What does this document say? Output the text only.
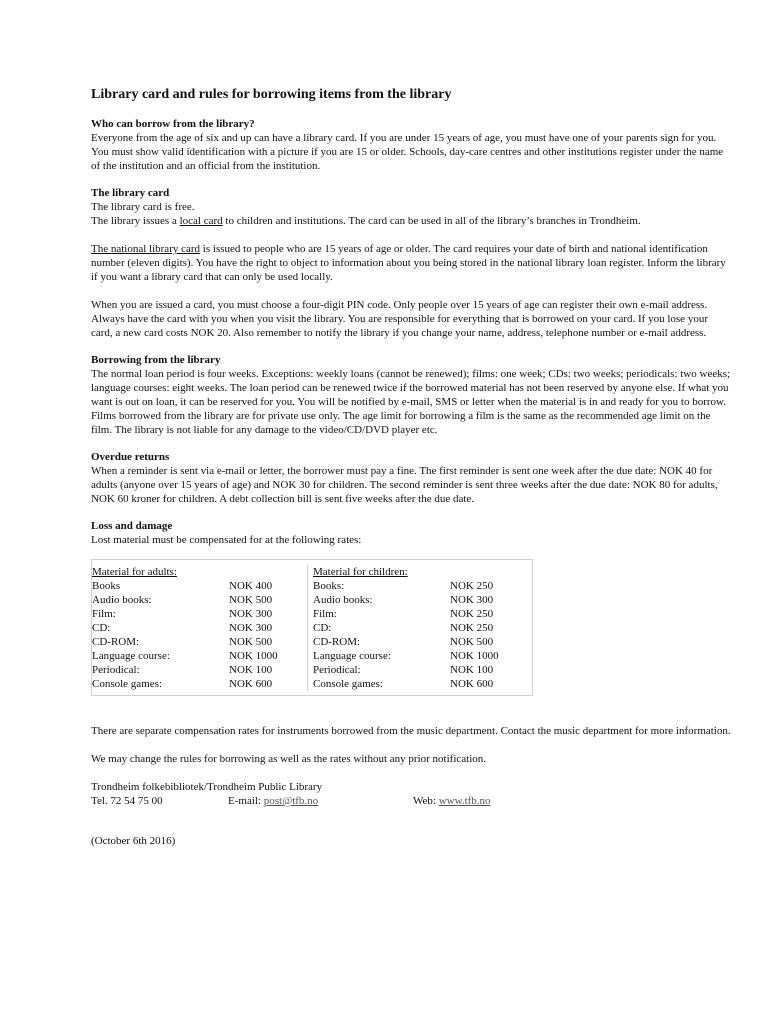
Library card and rules for borrowing items from the library
Who can borrow from the library?

Everyone from the age of six and up can have a library card. If you are under 15 years of age, you must have one of your parents sign for you. You must show valid identification with a picture if you are 15 or older. Schools, day-care centres and other institutions register under the name of the institution and an official from the institution.

The library card

The library card is free.

The library issues a local card to children and institutions. The card can be used in all of the library’s branches in Trondheim.

The national library card is issued to people who are 15 years of age or older. The card requires your date of birth and national identification number (eleven digits). You have the right to object to information about you being stored in the national library loan register. Inform the library if you want a library card that can only be used locally.

When you are issued a card, you must choose a four-digit PIN code. Only people over 15 years of age can register their own e-mail address. Always have the card with you when you visit the library. You are responsible for everything that is borrowed on your card. If you lose your card, a new card costs NOK 20. Also remember to notify the library if you change your name, address, telephone number or e-mail address.

Borrowing from the library

The normal loan period is four weeks. Exceptions: weekly loans (cannot be renewed); films: one week; CDs: two weeks; periodicals: two weeks; language courses: eight weeks. The loan period can be renewed twice if the borrowed material has not been reserved by anyone else. If what you want is out on loan, it can be reserved for you. You will be notified by e-mail, SMS or letter when the material is in and ready for you to borrow. Films borrowed from the library are for private use only. The age limit for borrowing a film is the same as the recommended age limit on the film. The library is not liable for any damage to the video/CD/DVD player etc.

Overdue returns

When a reminder is sent via e-mail or letter, the borrower must pay a fine. The first reminder is sent one week after the due date: NOK 40 for adults (anyone over 15 years of age) and NOK 30 for children. The second reminder is sent three weeks after the due date: NOK 80 for adults, NOK 60 kroner for children. A debt collection bill is sent five weeks after the due date.

Loss and damage

Lost material must be compensated for at the following rates:

Material for adults:
Books	NOK 400
Audio books:	NOK 500
Film:	NOK 300
CD:	NOK 300
CD-ROM:	NOK 500
Language course:	NOK 1000
Periodical:	NOK 100
Console games:	NOK 600
Material for children:
Books:	NOK 250
Audio books:	NOK 300
Film:	NOK 250
CD:	NOK 250
CD-ROM:	NOK 500
Language course:	NOK 1000
Periodical:	NOK 100
Console games:	NOK 600

There are separate compensation rates for instruments borrowed from the music department. Contact the music department for more information.

We may change the rules for borrowing as well as the rates without any prior notification.

Trondheim folkebibliotek/Trondheim Public Library
Tel. 72 54 75 00	E-mail: post@tfb.no	Web: www.tfb.no
(October 6th 2016)
